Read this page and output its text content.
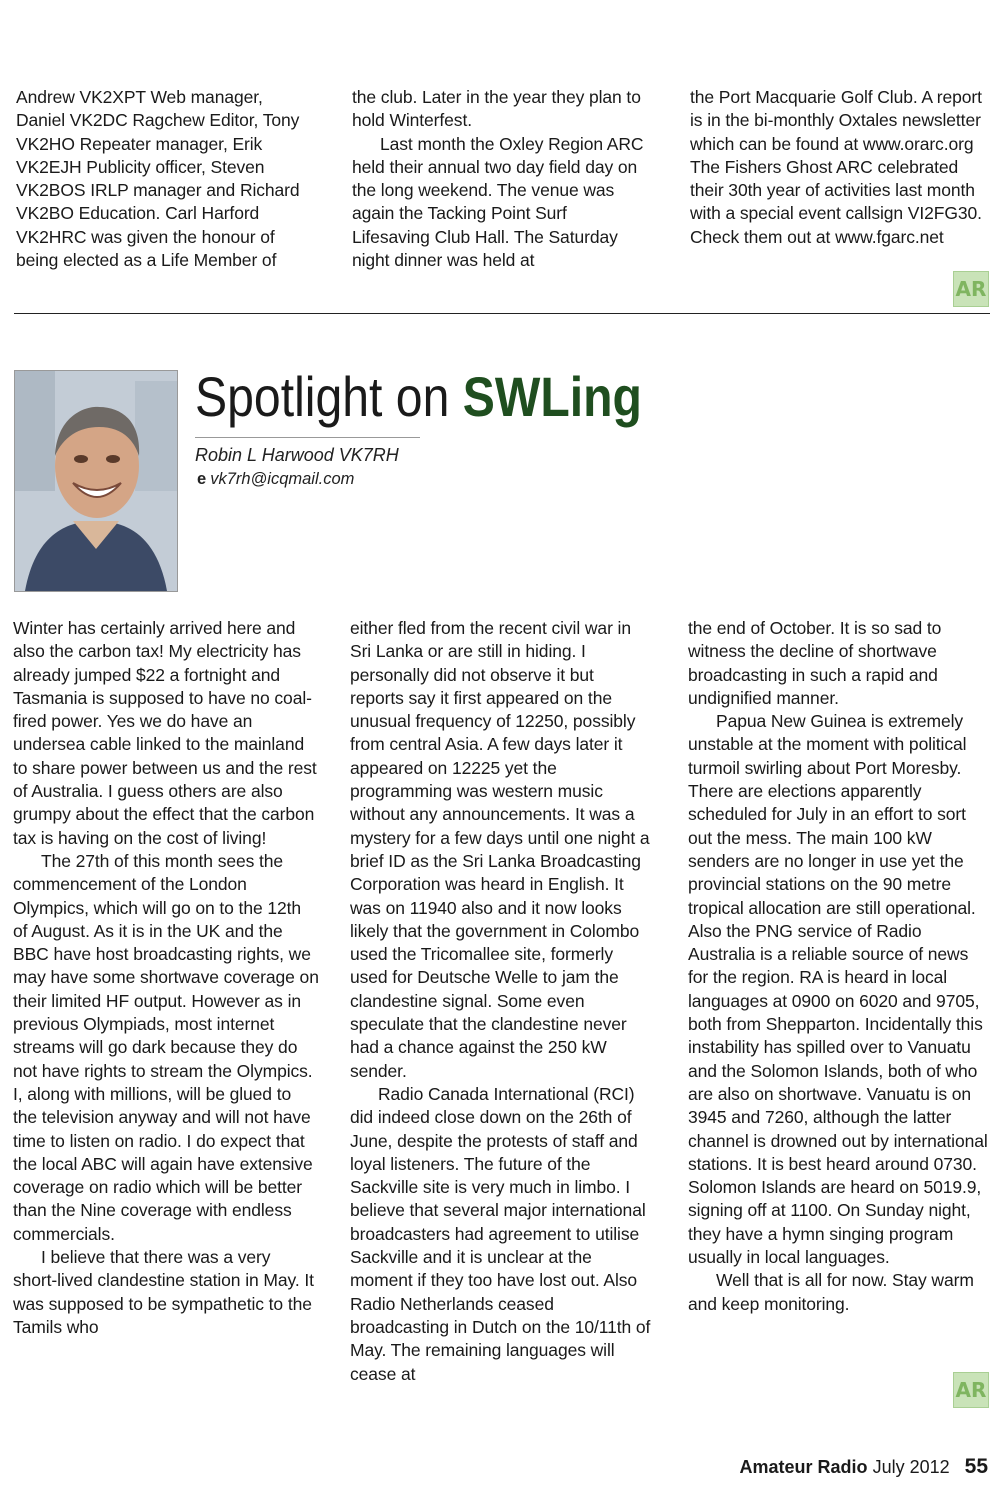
Andrew VK2XPT Web manager,
Daniel VK2DC Ragchew Editor, Tony
VK2HO Repeater manager, Erik
VK2EJH Publicity officer, Steven
VK2BOS IRLP manager and Richard
VK2BO Education. Carl Harford
VK2HRC was given the honour of
being elected as a Life Member of

the club. Later in the year they plan to hold Winterfest.

Last month the Oxley Region ARC held their annual two day field day on the long weekend. The venue was again the Tacking Point Surf Lifesaving Club Hall. The Saturday night dinner was held at

the Port Macquarie Golf Club. A report is in the bi-monthly Oxtales newsletter which can be found at www.orarc.org The Fishers Ghost ARC celebrated their 30th year of activities last month with a special event callsign VI2FG30. Check them out at www.fgarc.net

AR
Spotlight on SWLing
Robin L Harwood VK7RH
e vk7rh@icqmail.com

Winter has certainly arrived here and also the carbon tax! My electricity has already jumped $22 a fortnight and Tasmania is supposed to have no coal-fired power. Yes we do have an undersea cable linked to the mainland to share power between us and the rest of Australia. I guess others are also grumpy about the effect that the carbon tax is having on the cost of living!

The 27th of this month sees the commencement of the London Olympics, which will go on to the 12th of August. As it is in the UK and the BBC have host broadcasting rights, we may have some shortwave coverage on their limited HF output. However as in previous Olympiads, most internet streams will go dark because they do not have rights to stream the Olympics. I, along with millions, will be glued to the television anyway and will not have time to listen on radio. I do expect that the local ABC will again have extensive coverage on radio which will be better than the Nine coverage with endless commercials.

I believe that there was a very short-lived clandestine station in May. It was supposed to be sympathetic to the Tamils who

either fled from the recent civil war in Sri Lanka or are still in hiding. I personally did not observe it but reports say it first appeared on the unusual frequency of 12250, possibly from central Asia. A few days later it appeared on 12225 yet the programming was western music without any announcements. It was a mystery for a few days until one night a brief ID as the Sri Lanka Broadcasting Corporation was heard in English. It was on 11940 also and it now looks likely that the government in Colombo used the Tricomallee site, formerly used for Deutsche Welle to jam the clandestine signal. Some even speculate that the clandestine never had a chance against the 250 kW sender.

Radio Canada International (RCI) did indeed close down on the 26th of June, despite the protests of staff and loyal listeners. The future of the Sackville site is very much in limbo. I believe that several major international broadcasters had agreement to utilise Sackville and it is unclear at the moment if they too have lost out. Also Radio Netherlands ceased broadcasting in Dutch on the 10/11th of May. The remaining languages will cease at

the end of October. It is so sad to witness the decline of shortwave broadcasting in such a rapid and undignified manner.

Papua New Guinea is extremely unstable at the moment with political turmoil swirling about Port Moresby. There are elections apparently scheduled for July in an effort to sort out the mess. The main 100 kW senders are no longer in use yet the provincial stations on the 90 metre tropical allocation are still operational. Also the PNG service of Radio Australia is a reliable source of news for the region. RA is heard in local languages at 0900 on 6020 and 9705, both from Shepparton. Incidentally this instability has spilled over to Vanuatu and the Solomon Islands, both of who are also on shortwave. Vanuatu is on 3945 and 7260, although the latter channel is drowned out by international stations. It is best heard around 0730. Solomon Islands are heard on 5019.9, signing off at 1100. On Sunday night, they have a hymn singing program usually in local languages.

Well that is all for now. Stay warm and keep monitoring.

AR
Amateur Radio July 2012 55
